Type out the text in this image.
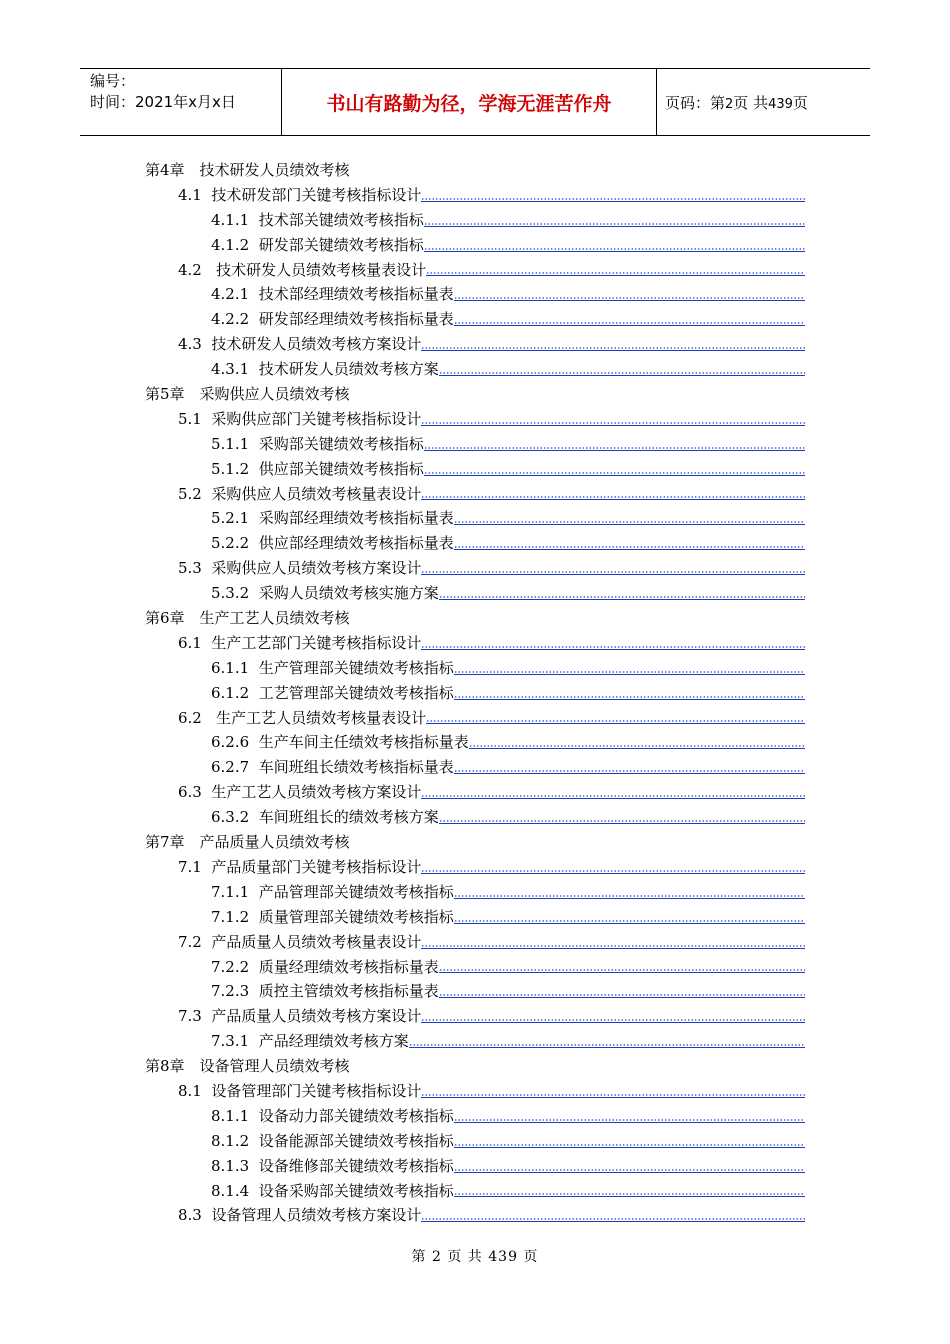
编号：
时间：2021年x月x日	书山有路勤为径，学海无涯苦作舟	页码：第2页 共439页
第4章　技术研发人员绩效考核
4.1  技术研发部门关键考核指标设计
4.1.1  技术部关键绩效考核指标
4.1.2  研发部关键绩效考核指标
4.2   技术研发人员绩效考核量表设计
4.2.1  技术部经理绩效考核指标量表
4.2.2  研发部经理绩效考核指标量表
4.3  技术研发人员绩效考核方案设计
4.3.1  技术研发人员绩效考核方案
第5章　采购供应人员绩效考核
5.1  采购供应部门关键考核指标设计
5.1.1  采购部关键绩效考核指标
5.1.2  供应部关键绩效考核指标
5.2  采购供应人员绩效考核量表设计
5.2.1  采购部经理绩效考核指标量表
5.2.2  供应部经理绩效考核指标量表
5.3  采购供应人员绩效考核方案设计
5.3.2  采购人员绩效考核实施方案
第6章　生产工艺人员绩效考核
6.1  生产工艺部门关键考核指标设计
6.1.1  生产管理部关键绩效考核指标
6.1.2  工艺管理部关键绩效考核指标
6.2   生产工艺人员绩效考核量表设计
6.2.6  生产车间主任绩效考核指标量表
6.2.7  车间班组长绩效考核指标量表
6.3  生产工艺人员绩效考核方案设计
6.3.2  车间班组长的绩效考核方案
第7章　产品质量人员绩效考核
7.1  产品质量部门关键考核指标设计
7.1.1  产品管理部关键绩效考核指标
7.1.2  质量管理部关键绩效考核指标
7.2  产品质量人员绩效考核量表设计
7.2.2  质量经理绩效考核指标量表
7.2.3  质控主管绩效考核指标量表
7.3  产品质量人员绩效考核方案设计
7.3.1  产品经理绩效考核方案
第8章　设备管理人员绩效考核
8.1  设备管理部门关键考核指标设计
8.1.1  设备动力部关键绩效考核指标
8.1.2  设备能源部关键绩效考核指标
8.1.3  设备维修部关键绩效考核指标
8.1.4  设备采购部关键绩效考核指标
8.3  设备管理人员绩效考核方案设计
第 2 页 共 439 页
